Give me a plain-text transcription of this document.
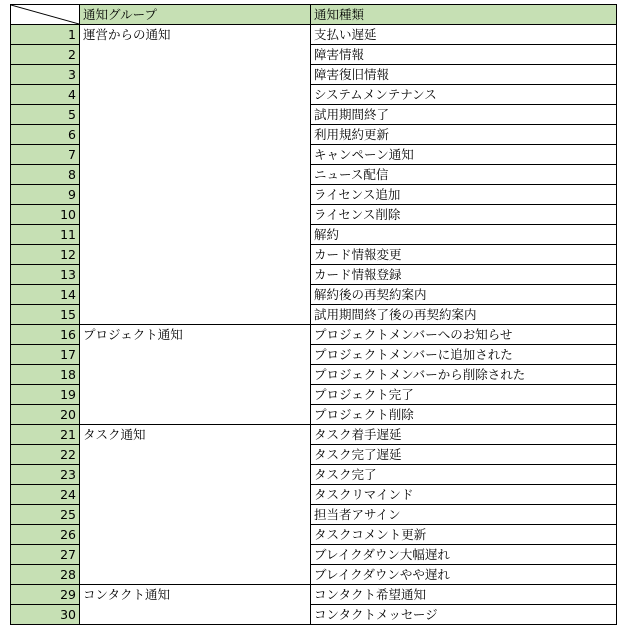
	通知グループ	通知種類
1	運営からの通知	支払い遅延
2		障害情報
3		障害復旧情報
4		システムメンテナンス
5		試用期間終了
6		利用規約更新
7		キャンペーン通知
8		ニュース配信
9		ライセンス追加
10		ライセンス削除
11		解約
12		カード情報変更
13		カード情報登録
14		解約後の再契約案内
15		試用期間終了後の再契約案内
16	プロジェクト通知	プロジェクトメンバーへのお知らせ
17		プロジェクトメンバーに追加された
18		プロジェクトメンバーから削除された
19		プロジェクト完了
20		プロジェクト削除
21	タスク通知	タスク着手遅延
22		タスク完了遅延
23		タスク完了
24		タスクリマインド
25		担当者アサイン
26		タスクコメント更新
27		ブレイクダウン大幅遅れ
28		ブレイクダウンやや遅れ
29	コンタクト通知	コンタクト希望通知
30		コンタクトメッセージ
